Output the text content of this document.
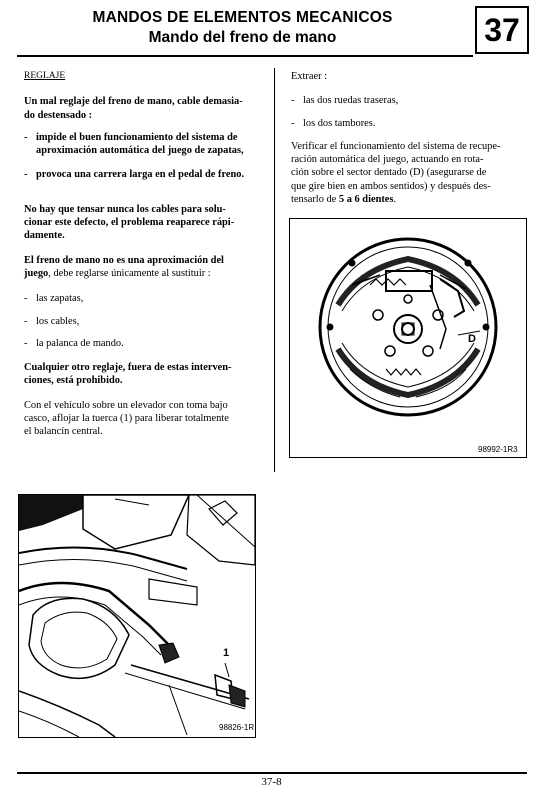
MANDOS DE ELEMENTOS MECANICOS
Mando del freno de mano	37

REGLAJE

Un mal reglaje del freno de mano, cable demasia-
do destensado :

- impide el buen funcionamiento del sistema de
aproximación automática del juego de zapatas,

- provoca una carrera larga en el pedal de freno.

No hay que tensar nunca los cables para solu-
cionar este defecto, el problema reaparece rápi-
damente.

El freno de mano no es una aproximación del
juego, debe reglarse únicamente al sustituir :

- las zapatas,

- los cables,

- la palanca de mando.

Cualquier otro reglaje, fuera de estas interven-
ciones, está prohibido.

Con el vehículo sobre un elevador con toma bajo
casco, aflojar la tuerca (1) para liberar totalmente
el balancín central.

Extraer :

- las dos ruedas traseras,

- los dos tambores.

Verificar el funcionamiento del sistema de recupe-
ración automática del juego, actuando en rota-
ción sobre el sector dentado (D) (asegurarse de
que gire bien en ambos sentidos) y después des-
tensarlo de 5 a 6 dientes.

D
98992-1R3
1
98826-1R
37-8
